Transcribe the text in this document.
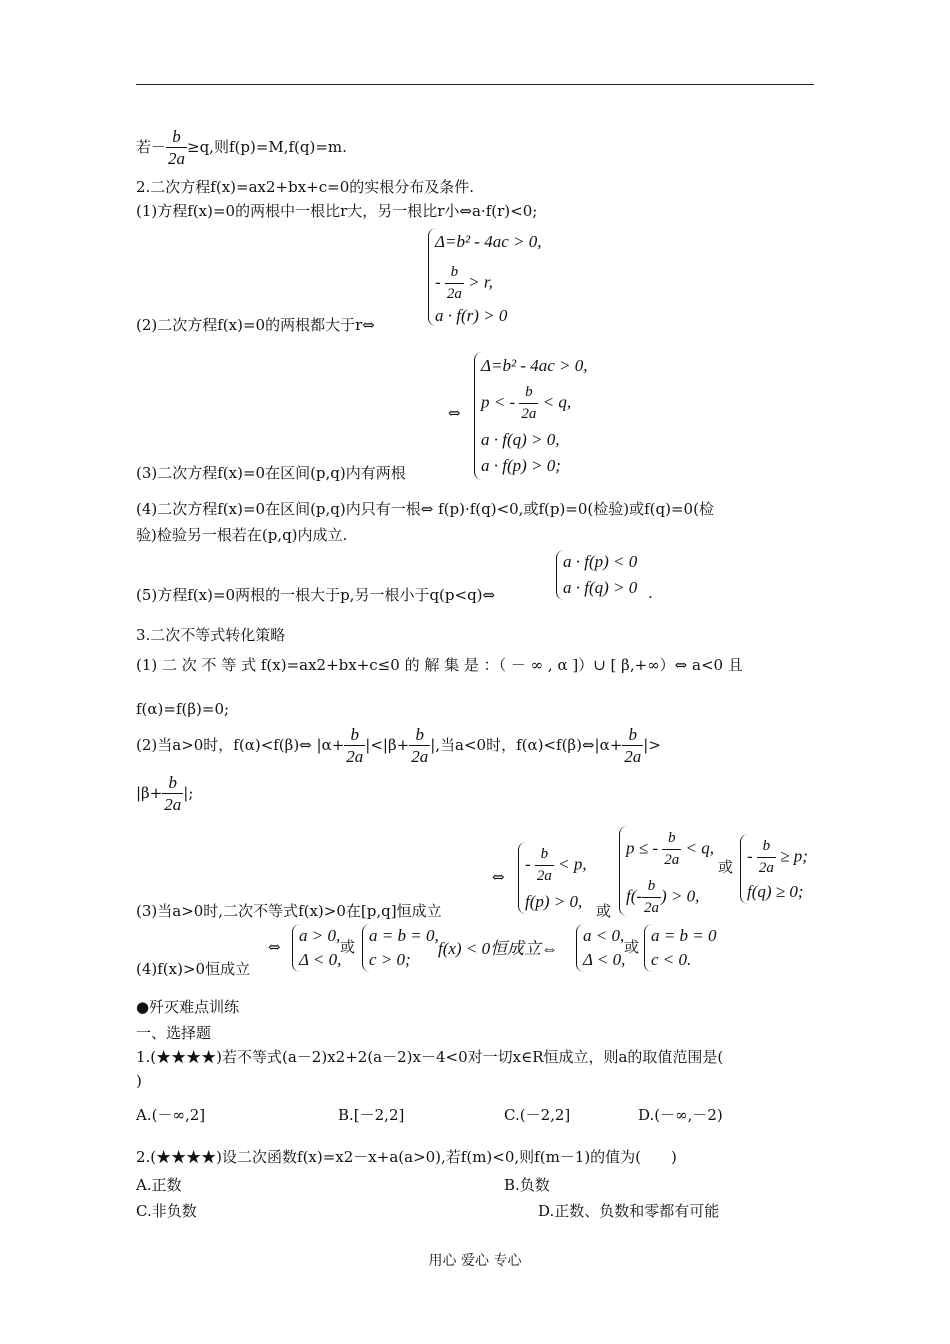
若－ $\frac{b}{2a} \ge q$,则f(p)=M,f(q)=m.
2.二次方程f(x)=ax2+bx+c=0的实根分布及条件.
(1)方程f(x)=0的两根中一根比r大，另一根比r小⇔a·f(r)<0;
Δ=b² - 4ac > 0,
- $\frac{b}{2a} > r$,
a · f(r) > 0
(2)二次方程f(x)=0的两根都大于r⇔
⇔
Δ=b² - 4ac > 0,
p < - $\frac{b}{2a} < q$,
a · f(q) > 0,
a · f(p) > 0;
(3)二次方程f(x)=0在区间(p,q)内有两根
(4)二次方程f(x)=0在区间(p,q)内只有一根⇔ f(p)·f(q)<0,或f(p)=0(检验)或f(q)=0(检
验)检验另一根若在(p,q)内成立.
(5)方程f(x)=0两根的一根大于p,另一根小于q(p<q)⇔
a · f(p) < 0
a · f(q) > 0 .
3.二次不等式转化策略
(1) 二 次 不 等 式 f(x)=ax2+bx+c≤0 的 解 集 是 ：（ － ∞ , α ]）∪ [ β,+∞）⇔ a<0 且
f(α)=f(β)=0;
(2)当a>0时，f(α)<f(β)⇔ $|\alpha+ \frac{b}{2a} |<|\beta+ \frac{b}{2a}$ |,当a<0时，f(α)<f(β)⇔|α+ $\frac{b}{2a}$ |>
$|\beta+ \frac{b}{2a}$ |;
⇔
- $\frac{b}{2a} < p$,
f(p) > 0, 或
p ≤ - $\frac{b}{2a} < q$,
$f(- \frac{b}{2a}$ ) > 0,
或
- $\frac{b}{2a} \ge p$;
f(q) ≥ 0;
(3)当a>0时,二次不等式f(x)>0在[p,q]恒成立
⇔
a > 0,
Δ < 0,
或
a = b = 0,
c > 0;
f(x) < 0恒成立⇔
a < 0,
Δ < 0,
或
a = b = 0
c < 0.
(4)f(x)>0恒成立
●歼灭难点训练
一、选择题
1.(★★★★)若不等式(a－2)x2+2(a－2)x－4<0对一切x∈R恒成立，则a的取值范围是(
)
A.(－∞,2]	B.[－2,2]	C.(－2,2]	D.(－∞,－2)
2.(★★★★)设二次函数f(x)=x2－x+a(a>0),若f(m)<0,则f(m－1)的值为(　　)
A.正数	B.负数
C.非负数	D.正数、负数和零都有可能
用心 爱心 专心
